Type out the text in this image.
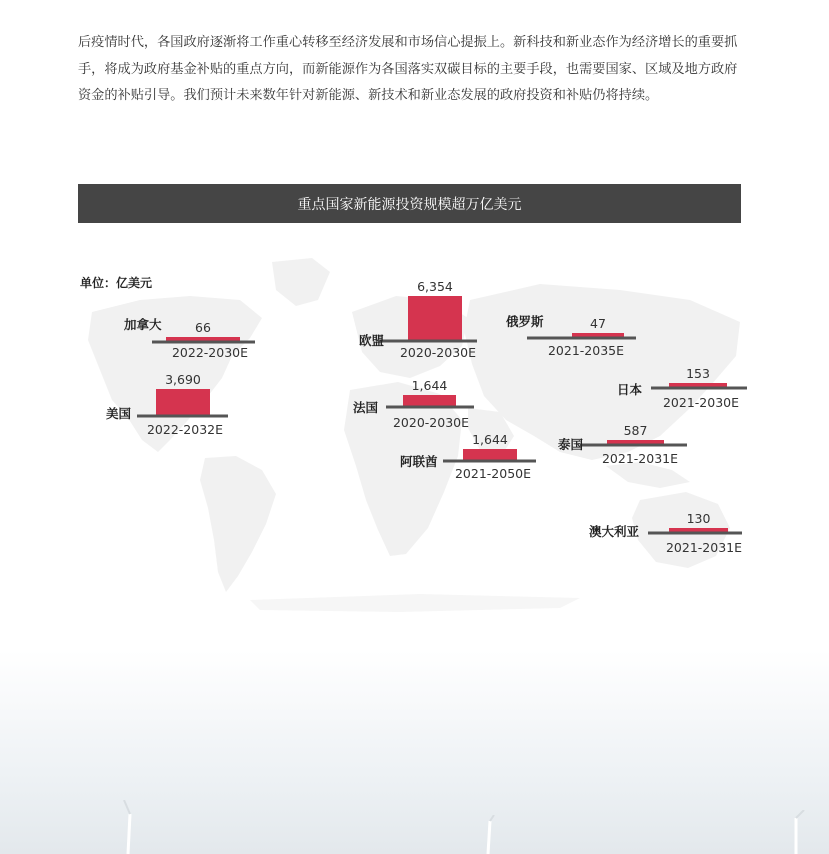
后疫情时代，各国政府逐渐将工作重心转移至经济发展和市场信心提振上。新科技和新业态作为经济增长的重要抓手，将成为政府基金补贴的重点方向，而新能源作为各国落实双碳目标的主要手段，也需要国家、区域及地方政府资金的补贴引导。我们预计未来数年针对新能源、新技术和新业态发展的政府投资和补贴仍将持续。

重点国家新能源投资规模超万亿美元
单位：亿美元
66
2022-2030E
加拿大
3,690
2022-2032E
美国
6,354
2020-2030E
欧盟
1,644
2020-2030E
法国
1,644
2021-2050E
阿联酋
47
2021-2035E
俄罗斯
153
2021-2030E
日本
587
2021-2031E
泰国
130
2021-2031E
澳大利亚
